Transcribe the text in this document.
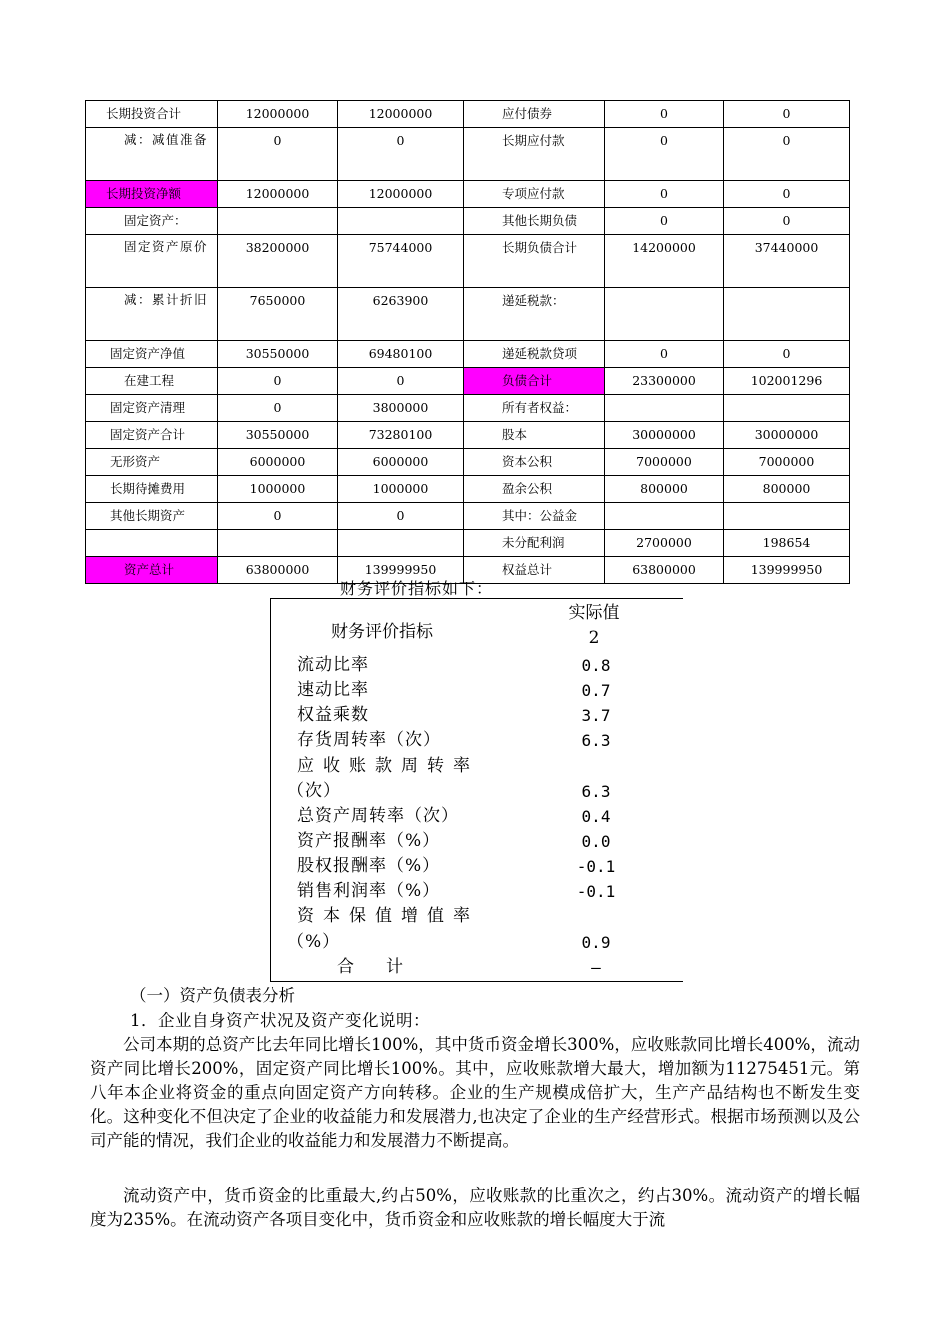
长期投资合计	12000000	12000000	应付债券	0	0
减：减值准备	0	0	长期应付款	0	0
长期投资净额	12000000	12000000	专项应付款	0	0
固定资产：			其他长期负债	0	0
固定资产原价	38200000	75744000	长期负债合计	14200000	37440000
减：累计折旧	7650000	6263900	递延税款：		
固定资产净值	30550000	69480100	递延税款贷项	0	0
在建工程	0	0	负债合计	23300000	102001296
固定资产清理	0	3800000	所有者权益：		
固定资产合计	30550000	73280100	股本	30000000	30000000
无形资产	6000000	6000000	资本公积	7000000	7000000
长期待摊费用	1000000	1000000	盈余公积	800000	800000
其他长期资产	0	0	其中：公益金		
			未分配利润	2700000	198654
资产总计	63800000	139999950	权益总计	63800000	139999950
财务评价指标如下：
财务评价指标
实际值
2
流动比率	0.8
速动比率	0.7
权益乘数	3.7
存货周转率（次）	6.3
应收账款周转率
（次）	6.3
总资产周转率（次）	0.4
资产报酬率（%）	0.0
股权报酬率（%）	-0.1
销售利润率（%）	-0.1
资本保值增值率
（%）	0.9
合计	—
（一）资产负债表分析
1．企业自身资产状况及资产变化说明：
公司本期的总资产比去年同比增长100%，其中货币资金增长300%，应收账款同比增长400%，流动资产同比增长200%，固定资产同比增长100%。其中，应收账款增大最大，增加额为11275451元。第八年本企业将资金的重点向固定资产方向转移。企业的生产规模成倍扩大，生产产品结构也不断发生变化。这种变化不但决定了企业的收益能力和发展潜力,也决定了企业的生产经营形式。根据市场预测以及公司产能的情况，我们企业的收益能力和发展潜力不断提高。
流动资产中，货币资金的比重最大,约占50%，应收账款的比重次之，约占30%。流动资产的增长幅度为235%。在流动资产各项目变化中，货币资金和应收账款的增长幅度大于流
